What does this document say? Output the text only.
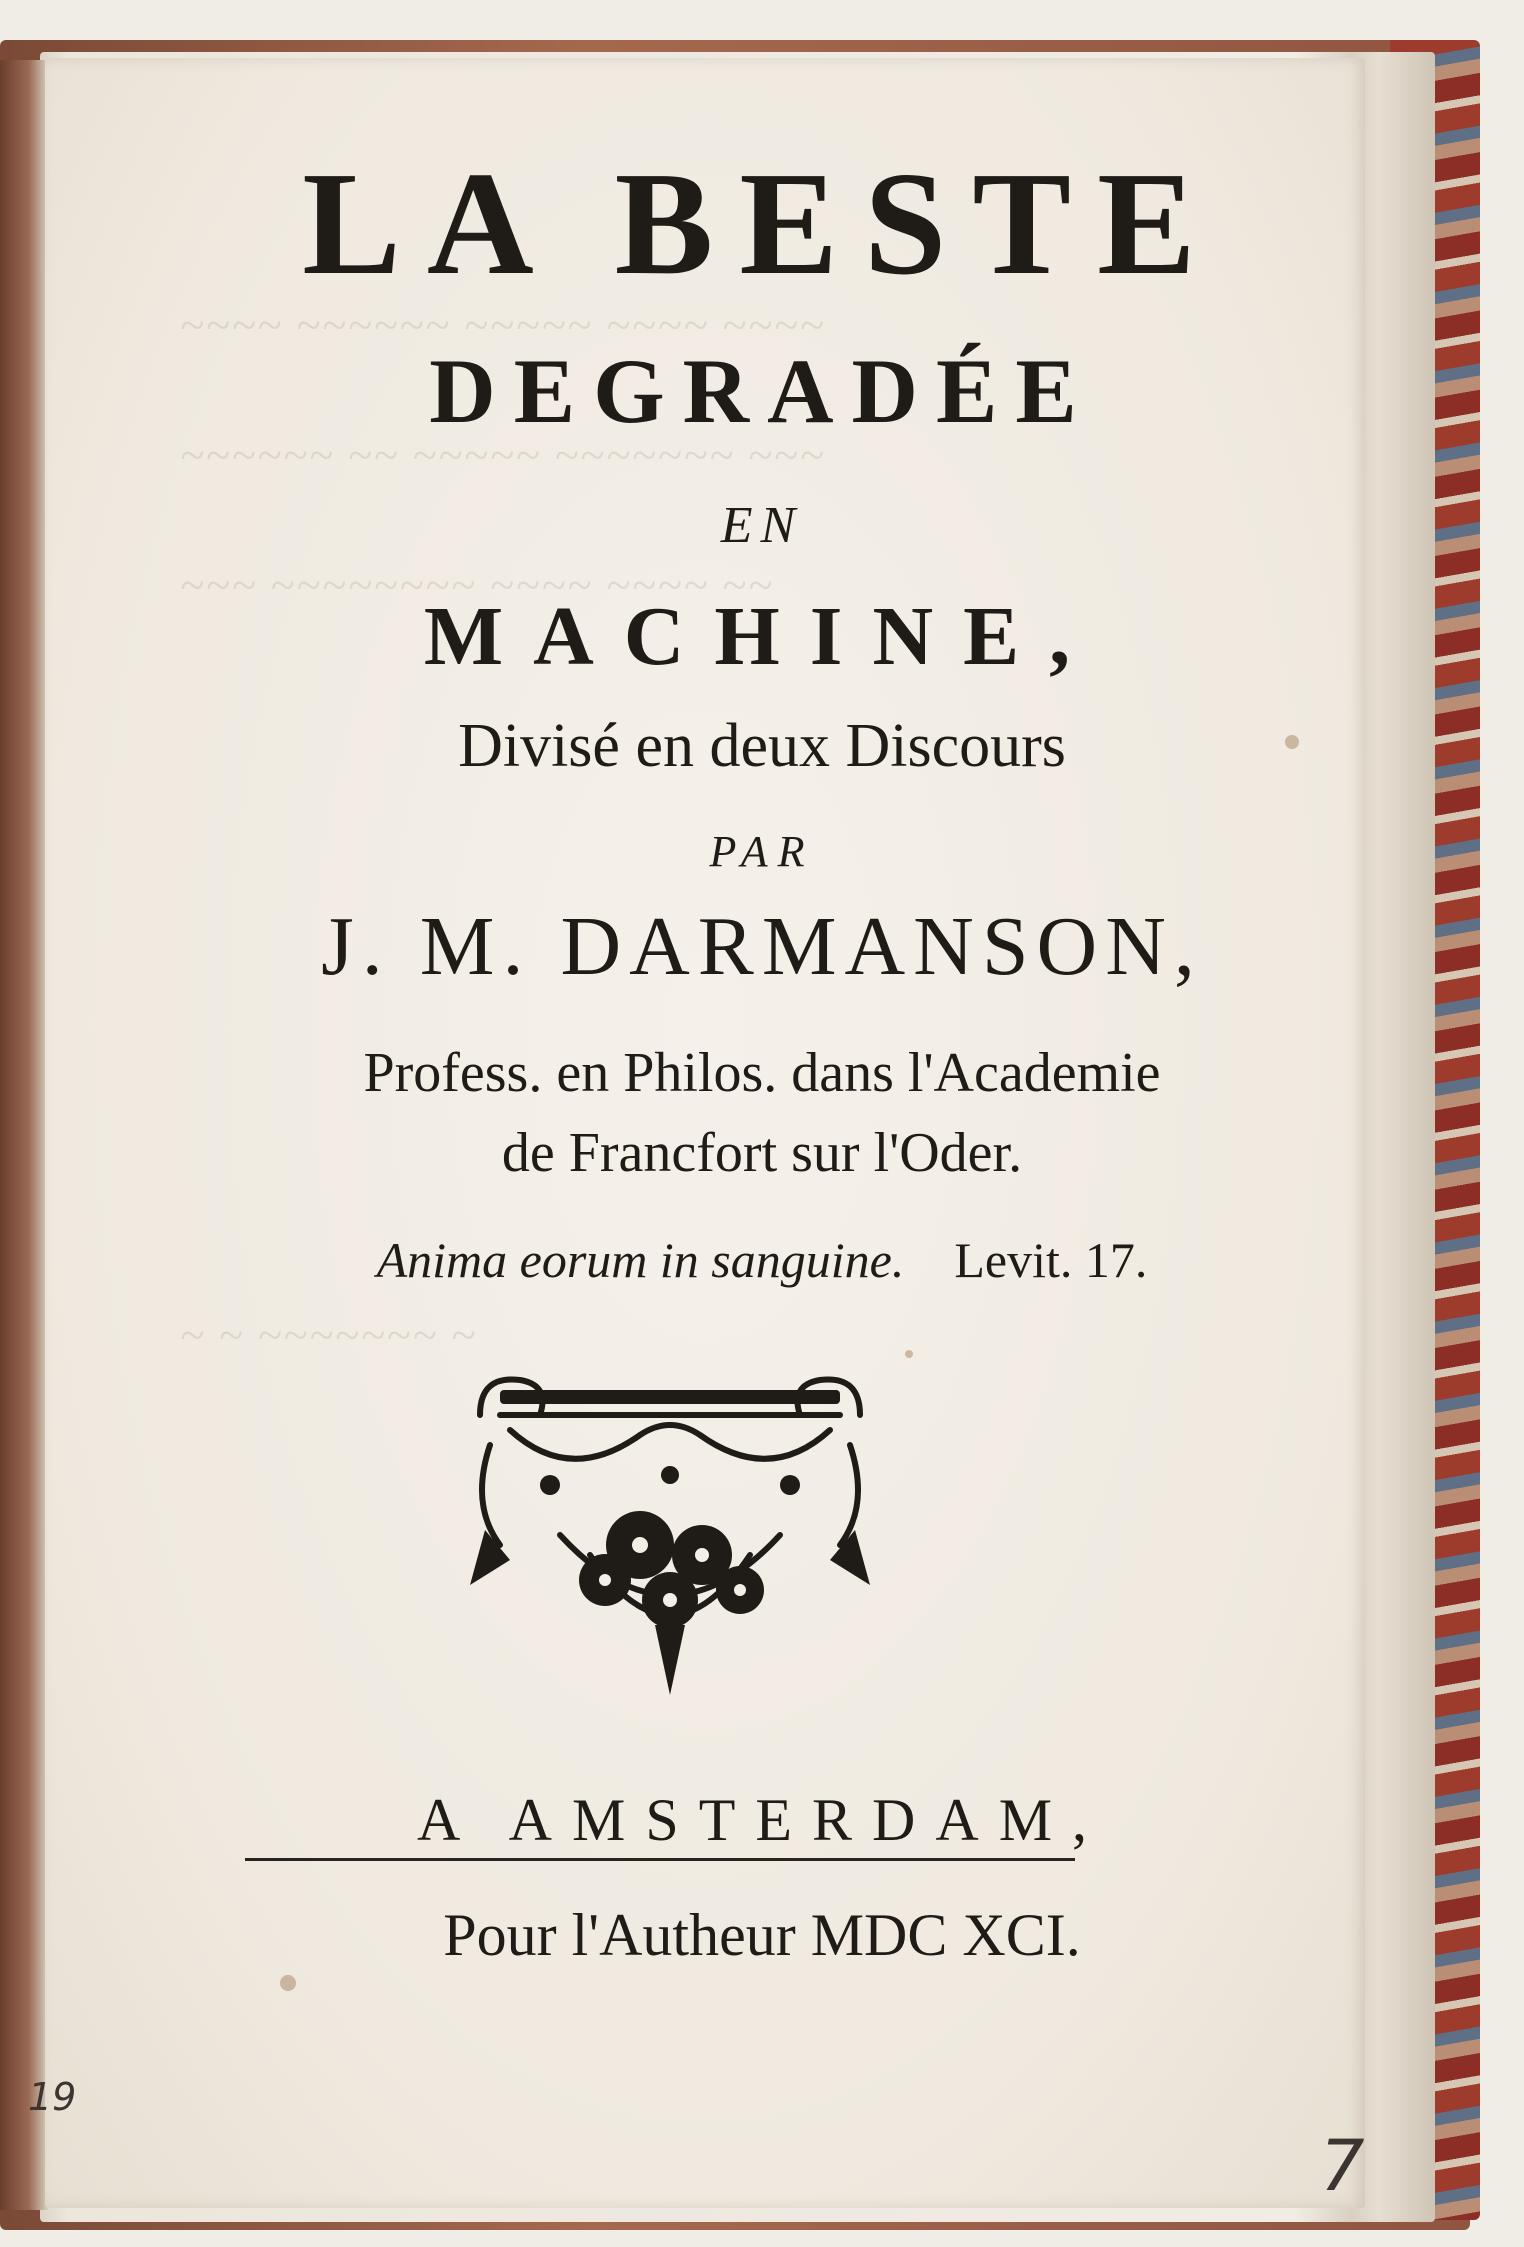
~~~~ ~~~~~~ ~~~~~ ~~~~ ~~~~
~~~~~~ ~~ ~~~~~ ~~~~~~~ ~~~
~~~ ~~~~~~~~ ~~~~ ~~~~ ~~
~ ~ ~~~~~~~ ~
LA BESTE
DEGRADÉE
EN
MACHINE,

Divisé en deux Discours

PAR

J. M. DARMANSON,

Profess. en Philos. dans l'Academie

de Francfort sur l'Oder.

Anima eorum in sanguine. Levit. 17.

A AMSTERDAM,

Pour l'Autheur MDC XCI.

19
7
